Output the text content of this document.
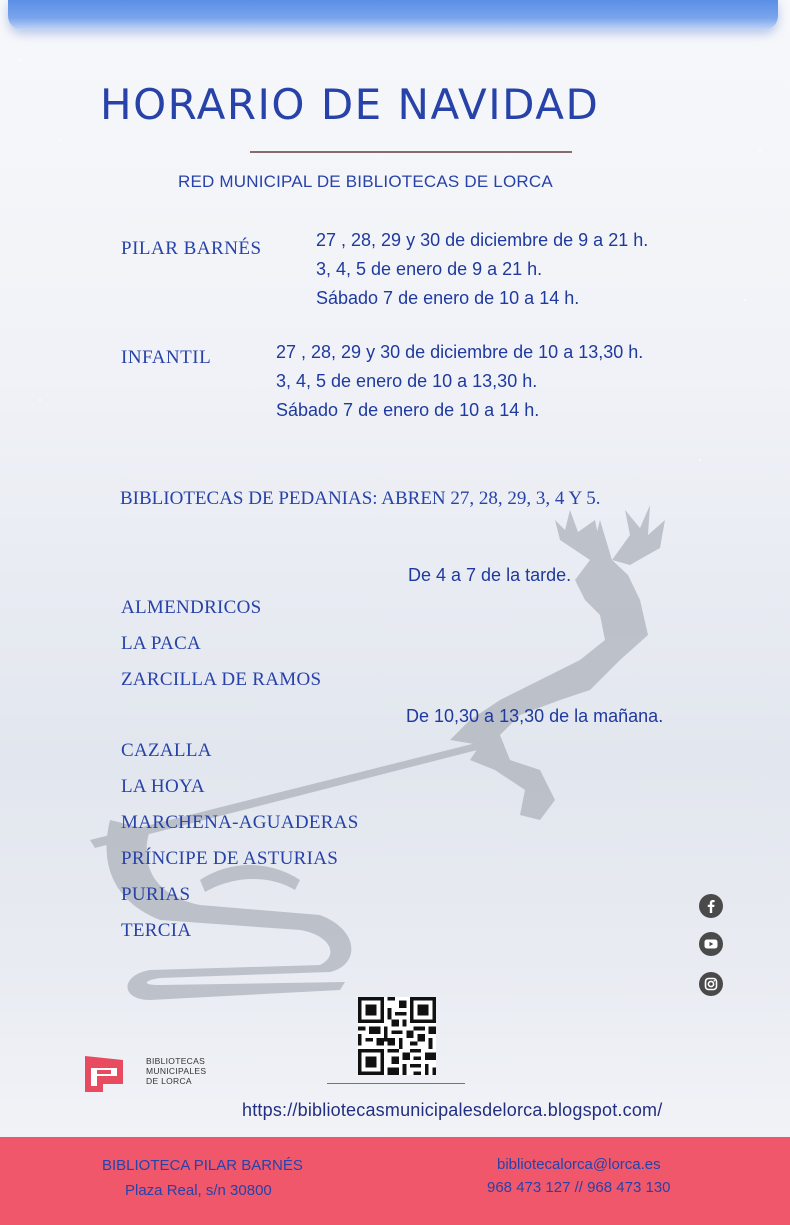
HORARIO DE NAVIDAD
RED MUNICIPAL DE BIBLIOTECAS DE LORCA
PILAR BARNÉS	27 , 28, 29 y 30 de diciembre de 9 a 21 h.
3, 4, 5 de enero de 9 a 21 h.
Sábado 7 de enero de 10 a 14 h.
INFANTIL	27 , 28, 29 y 30 de diciembre de 10 a 13,30 h.
3, 4, 5 de enero de 10 a 13,30 h.
Sábado 7 de enero de 10 a 14 h.
BIBLIOTECAS DE PEDANIAS: ABREN 27, 28, 29, 3, 4 Y 5.
De 4 a 7 de la tarde.
ALMENDRICOS
LA PACA
ZARCILLA DE RAMOS
De 10,30 a 13,30 de la mañana.
CAZALLA
LA HOYA
MARCHENA-AGUADERAS
PRÍNCIPE DE ASTURIAS
PURIAS
TERCIA
BIBLIOTECAS
MUNICIPALES
DE LORCA
https://bibliotecasmunicipalesdelorca.blogspot.com/
BIBLIOTECA PILAR BARNÉS
Plaza Real, s/n 30800
bibliotecalorca@lorca.es
968 473 127 // 968 473 130
